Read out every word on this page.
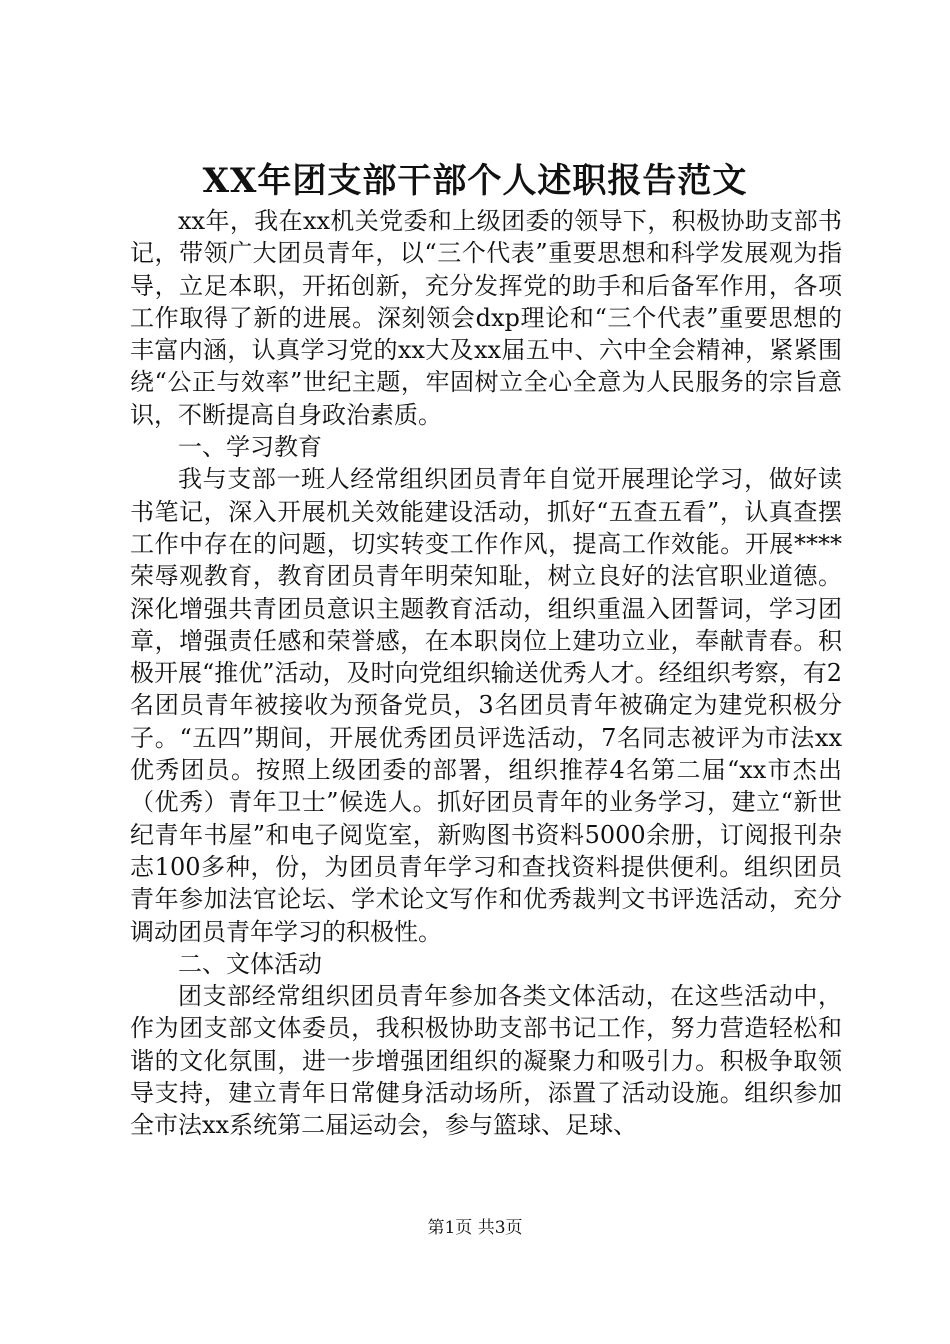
XX年团支部干部个人述职报告范文

xx年，我在xx机关党委和上级团委的领导下，积极协助支部书记，带领广大团员青年，以“三个代表”重要思想和科学发展观为指导，立足本职，开拓创新，充分发挥党的助手和后备军作用，各项工作取得了新的进展。深刻领会dxp理论和“三个代表”重要思想的丰富内涵，认真学习党的xx大及xx届五中、六中全会精神，紧紧围绕“公正与效率”世纪主题，牢固树立全心全意为人民服务的宗旨意识，不断提高自身政治素质。

一、学习教育

我与支部一班人经常组织团员青年自觉开展理论学习，做好读书笔记，深入开展机关效能建设活动，抓好“五查五看”，认真查摆工作中存在的问题，切实转变工作作风，提高工作效能。开展****荣辱观教育，教育团员青年明荣知耻，树立良好的法官职业道德。深化增强共青团员意识主题教育活动，组织重温入团誓词，学习团章，增强责任感和荣誉感，在本职岗位上建功立业，奉献青春。积极开展“推优”活动，及时向党组织输送优秀人才。经组织考察，有2名团员青年被接收为预备党员，3名团员青年被确定为建党积极分子。“五四”期间，开展优秀团员评选活动，7名同志被评为市法xx优秀团员。按照上级团委的部署，组织推荐4名第二届“xx市杰出（优秀）青年卫士”候选人。抓好团员青年的业务学习，建立“新世纪青年书屋”和电子阅览室，新购图书资料5000余册，订阅报刊杂志100多种，份，为团员青年学习和查找资料提供便利。组织团员青年参加法官论坛、学术论文写作和优秀裁判文书评选活动，充分调动团员青年学习的积极性。

二、文体活动

团支部经常组织团员青年参加各类文体活动，在这些活动中，作为团支部文体委员，我积极协助支部书记工作，努力营造轻松和谐的文化氛围，进一步增强团组织的凝聚力和吸引力。积极争取领导支持，建立青年日常健身活动场所，添置了活动设施。组织参加全市法xx系统第二届运动会，参与篮球、足球、

第1页 共3页
